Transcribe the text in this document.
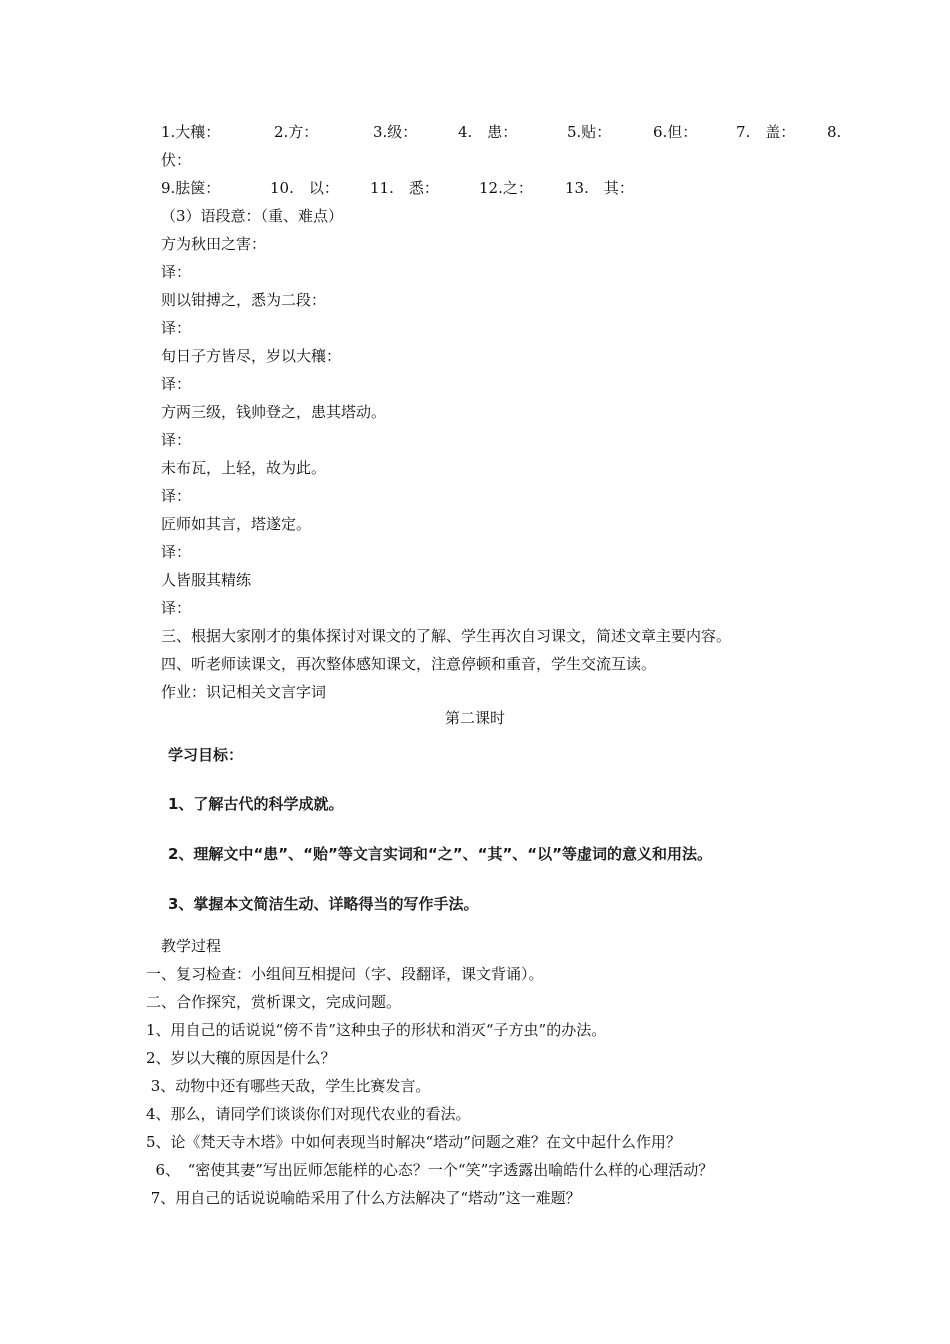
1.大穰：	2.方：	3.级：	4.　患：	5.贴：	6.但：	7.　盖： 8.
伏：
9.胠箧：	10.　以： 11.　悉：	12.之： 13.　其：
（3）语段意：（重、难点）
方为秋田之害：
译：
则以钳搏之，悉为二段：
译：
旬日子方皆尽，岁以大穰：
译：
方两三级，钱帅登之，患其塔动。
译：
未布瓦，上轻，故为此。
译：
匠师如其言，塔遂定。
译：
人皆服其精练
译：
三、根据大家刚才的集体探讨对课文的了解、学生再次自习课文，简述文章主要内容。
四、听老师读课文，再次整体感知课文，注意停顿和重音，学生交流互读。
作业：识记相关文言字词
第二课时
学习目标：
1、了解古代的科学成就。
2、理解文中“患”、“贻”等文言实词和“之”、“其”、“以”等虚词的意义和用法。
3、掌握本文简洁生动、详略得当的写作手法。
教学过程
一、复习检查：小组间互相提问（字、段翻译，课文背诵）。
二、合作探究，赏析课文，完成问题。
1、用自己的话说说“傍不肯”这种虫子的形状和消灭“子方虫”的办法。
2、岁以大穰的原因是什么？
3、动物中还有哪些天敌，学生比赛发言。
4、那么，请同学们谈谈你们对现代农业的看法。
5、论《梵天寺木塔》中如何表现当时解决“塔动”问题之难？在文中起什么作用？
6、　“密使其妻”写出匠师怎能样的心态？一个“笑”字透露出喻皓什么样的心理活动？
7、用自己的话说说喻皓采用了什么方法解决了“塔动”这一难题？
